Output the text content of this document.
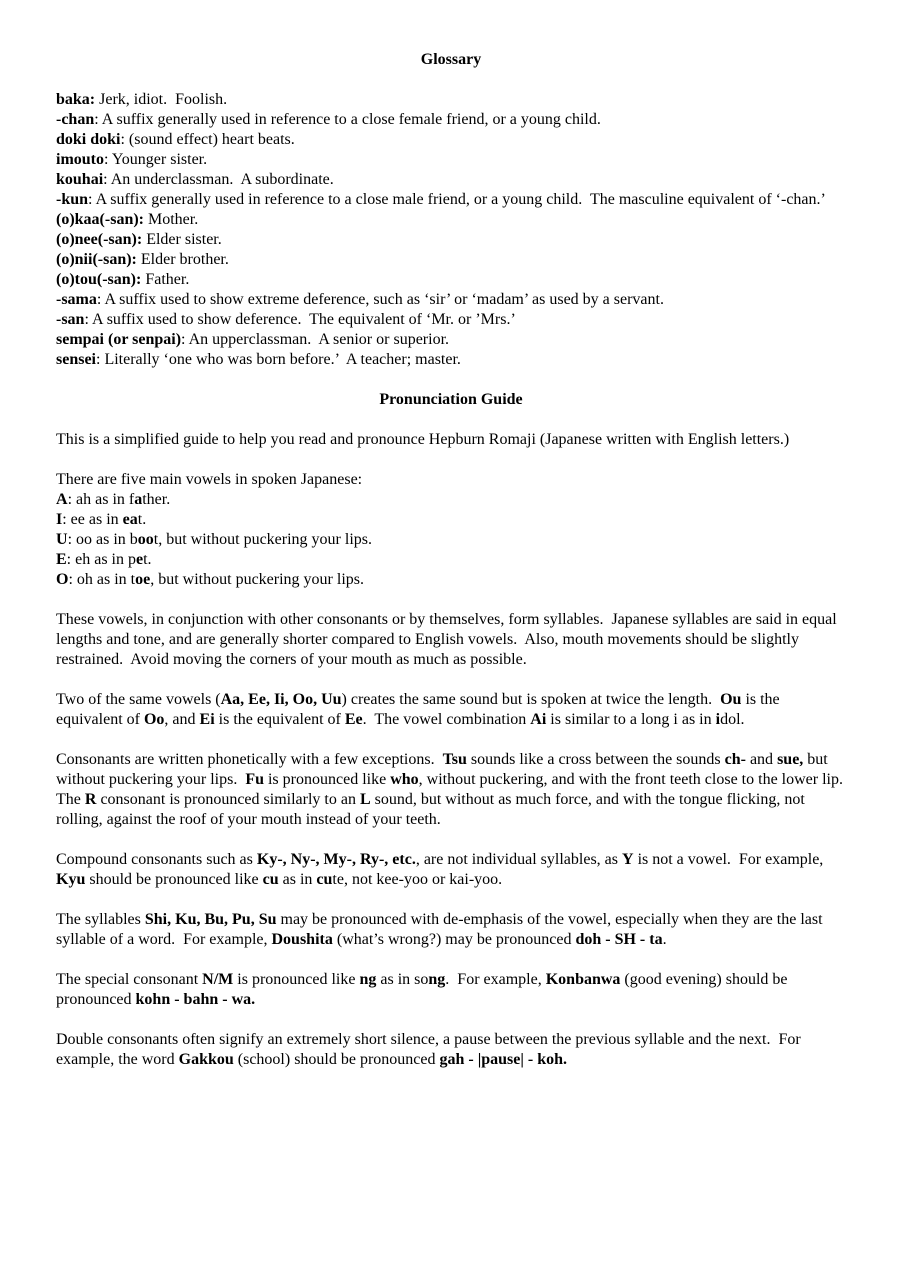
Glossary

baka: Jerk, idiot.  Foolish.

-chan: A suffix generally used in reference to a close female friend, or a young child.

doki doki: (sound effect) heart beats.

imouto: Younger sister.

kouhai: An underclassman.  A subordinate.

-kun: A suffix generally used in reference to a close male friend, or a young child.  The masculine equivalent of ‘-chan.’

(o)kaa(-san): Mother.

(o)nee(-san): Elder sister.

(o)nii(-san): Elder brother.

(o)tou(-san): Father.

-sama: A suffix used to show extreme deference, such as ‘sir’ or ‘madam’ as used by a servant.

-san: A suffix used to show deference.  The equivalent of ‘Mr. or ’Mrs.’

sempai (or senpai): An upperclassman.  A senior or superior.

sensei: Literally ‘one who was born before.’  A teacher; master.

Pronunciation Guide

This is a simplified guide to help you read and pronounce Hepburn Romaji (Japanese written with English letters.)

There are five main vowels in spoken Japanese:

A: ah as in father.

I: ee as in eat.

U: oo as in boot, but without puckering your lips.

E: eh as in pet.

O: oh as in toe, but without puckering your lips.

These vowels, in conjunction with other consonants or by themselves, form syllables.  Japanese syllables are said in equal lengths and tone, and are generally shorter compared to English vowels.  Also, mouth movements should be slightly restrained.  Avoid moving the corners of your mouth as much as possible.

Two of the same vowels (Aa, Ee, Ii, Oo, Uu) creates the same sound but is spoken at twice the length.  Ou is the equivalent of Oo, and Ei is the equivalent of Ee.  The vowel combination Ai is similar to a long i as in idol.

Consonants are written phonetically with a few exceptions.  Tsu sounds like a cross between the sounds ch- and sue, but without puckering your lips.  Fu is pronounced like who, without puckering, and with the front teeth close to the lower lip.  The R consonant is pronounced similarly to an L sound, but without as much force, and with the tongue flicking, not rolling, against the roof of your mouth instead of your teeth.

Compound consonants such as Ky-, Ny-, My-, Ry-, etc., are not individual syllables, as Y is not a vowel.  For example, Kyu should be pronounced like cu as in cute, not kee-yoo or kai-yoo.

The syllables Shi, Ku, Bu, Pu, Su may be pronounced with de-emphasis of the vowel, especially when they are the last syllable of a word.  For example, Doushita (what’s wrong?) may be pronounced doh - SH - ta.

The special consonant N/M is pronounced like ng as in song.  For example, Konbanwa (good evening) should be pronounced kohn - bahn - wa.

Double consonants often signify an extremely short silence, a pause between the previous syllable and the next.  For example, the word Gakkou (school) should be pronounced gah - |pause| - koh.
